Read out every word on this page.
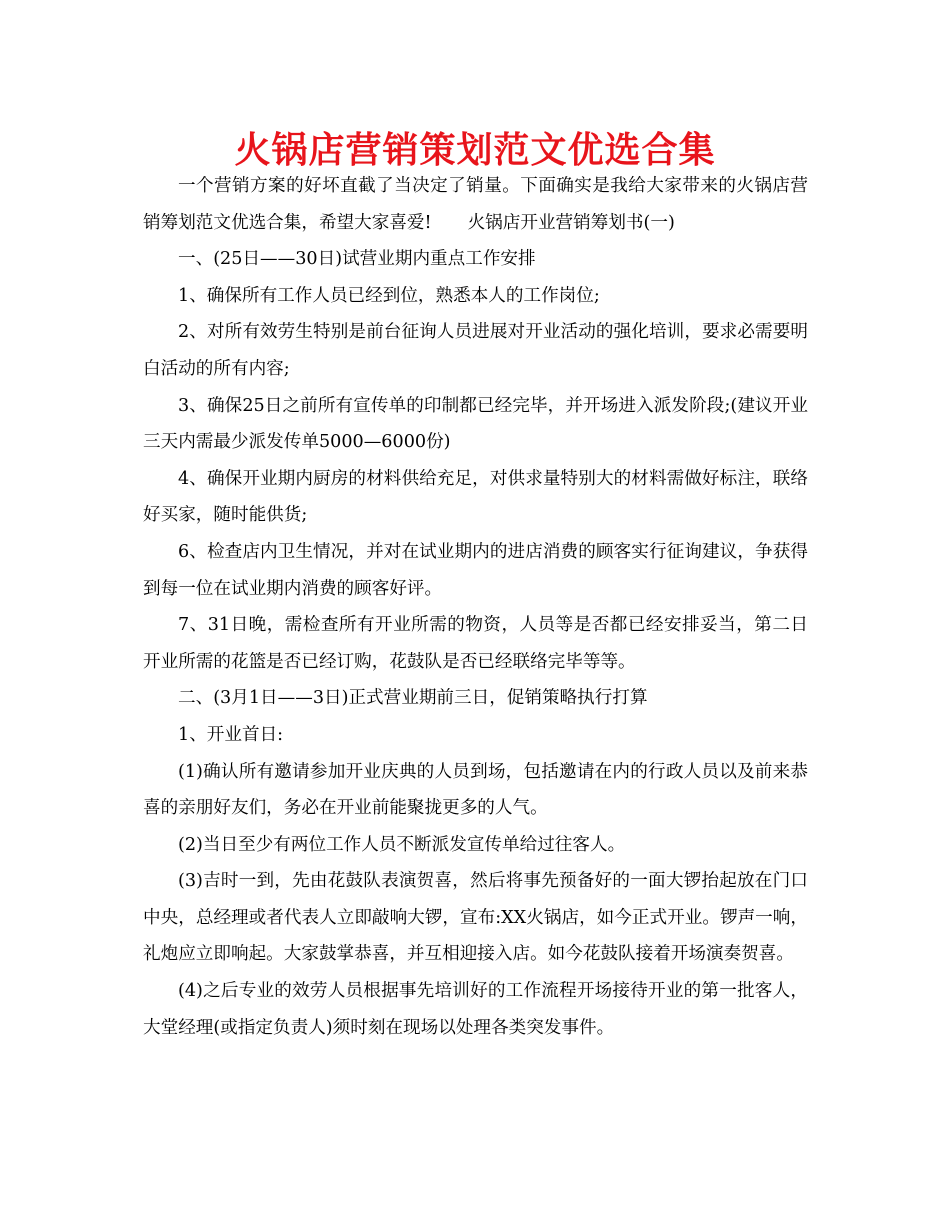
火锅店营销策划范文优选合集

一个营销方案的好坏直截了当决定了销量。下面确实是我给大家带来的火锅店营销筹划范文优选合集，希望大家喜爱! 火锅店开业营销筹划书(一)

一、(25日——30日)试营业期内重点工作安排

1、确保所有工作人员已经到位，熟悉本人的工作岗位;

2、对所有效劳生特别是前台征询人员进展对开业活动的强化培训，要求必需要明白活动的所有内容;

3、确保25日之前所有宣传单的印制都已经完毕，并开场进入派发阶段;(建议开业三天内需最少派发传单5000—6000份)

4、确保开业期内厨房的材料供给充足，对供求量特别大的材料需做好标注，联络 好买家，随时能供货;

6、检查店内卫生情况，并对在试业期内的进店消费的顾客实行征询建议，争获得到每一位在试业期内消费的顾客好评。

7、31日晚，需检查所有开业所需的物资，人员等是否都已经安排妥当，第二日开业所需的花篮是否已经订购，花鼓队是否已经联络完毕等等。

二、(3月1日——3日)正式营业期前三日，促销策略执行打算

1、开业首日:

(1)确认所有邀请参加开业庆典的人员到场，包括邀请在内的行政人员以及前来恭喜的亲朋好友们，务必在开业前能聚拢更多的人气。

(2)当日至少有两位工作人员不断派发宣传单给过往客人。

(3)吉时一到，先由花鼓队表演贺喜，然后将事先预备好的一面大锣抬起放在门口中央，总经理或者代表人立即敲响大锣，宣布:XX火锅店，如今正式开业。锣声一响，礼炮应立即响起。大家鼓掌恭喜，并互相迎接入店。如今花鼓队接着开场演奏贺喜。

(4)之后专业的效劳人员根据事先培训好的工作流程开场接待开业的第一批客人，大堂经理(或指定负责人)须时刻在现场以处理各类突发事件。
